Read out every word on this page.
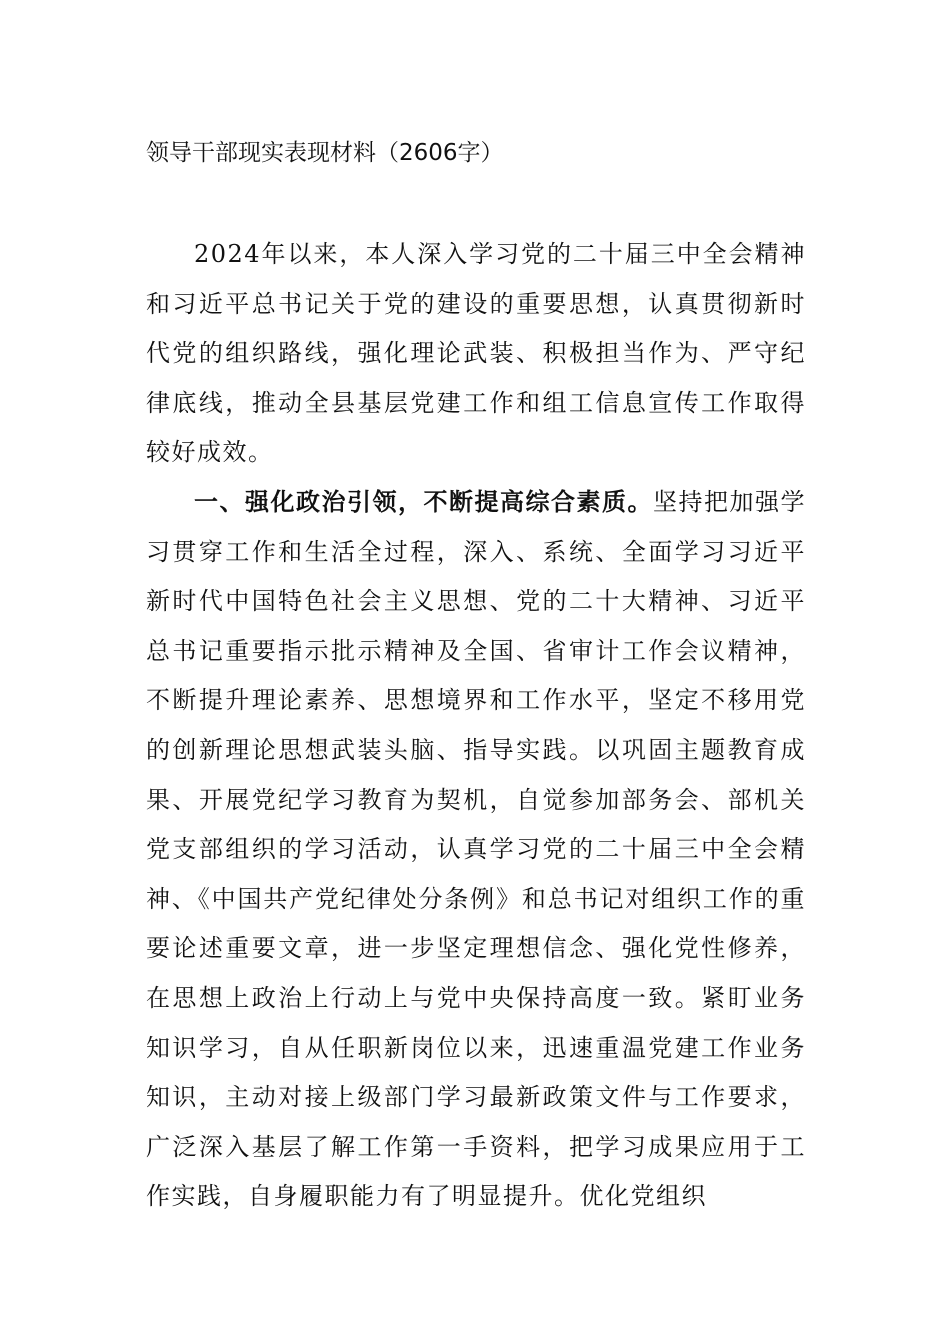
领导干部现实表现材料（2606字）

2024年以来，本人深入学习党的二十届三中全会精神和习近平总书记关于党的建设的重要思想，认真贯彻新时代党的组织路线，强化理论武装、积极担当作为、严守纪律底线，推动全县基层党建工作和组工信息宣传工作取得较好成效。

一、强化政治引领，不断提高综合素质。坚持把加强学习贯穿工作和生活全过程，深入、系统、全面学习习近平新时代中国特色社会主义思想、党的二十大精神、习近平总书记重要指示批示精神及全国、省审计工作会议精神，不断提升理论素养、思想境界和工作水平，坚定不移用党的创新理论思想武装头脑、指导实践。以巩固主题教育成果、开展党纪学习教育为契机，自觉参加部务会、部机关党支部组织的学习活动，认真学习党的二十届三中全会精神、《中国共产党纪律处分条例》和总书记对组织工作的重要论述重要文章，进一步坚定理想信念、强化党性修养，在思想上政治上行动上与党中央保持高度一致。紧盯业务知识学习，自从任职新岗位以来，迅速重温党建工作业务知识，主动对接上级部门学习最新政策文件与工作要求，广泛深入基层了解工作第一手资料，把学习成果应用于工作实践，自身履职能力有了明显提升。优化党组织
